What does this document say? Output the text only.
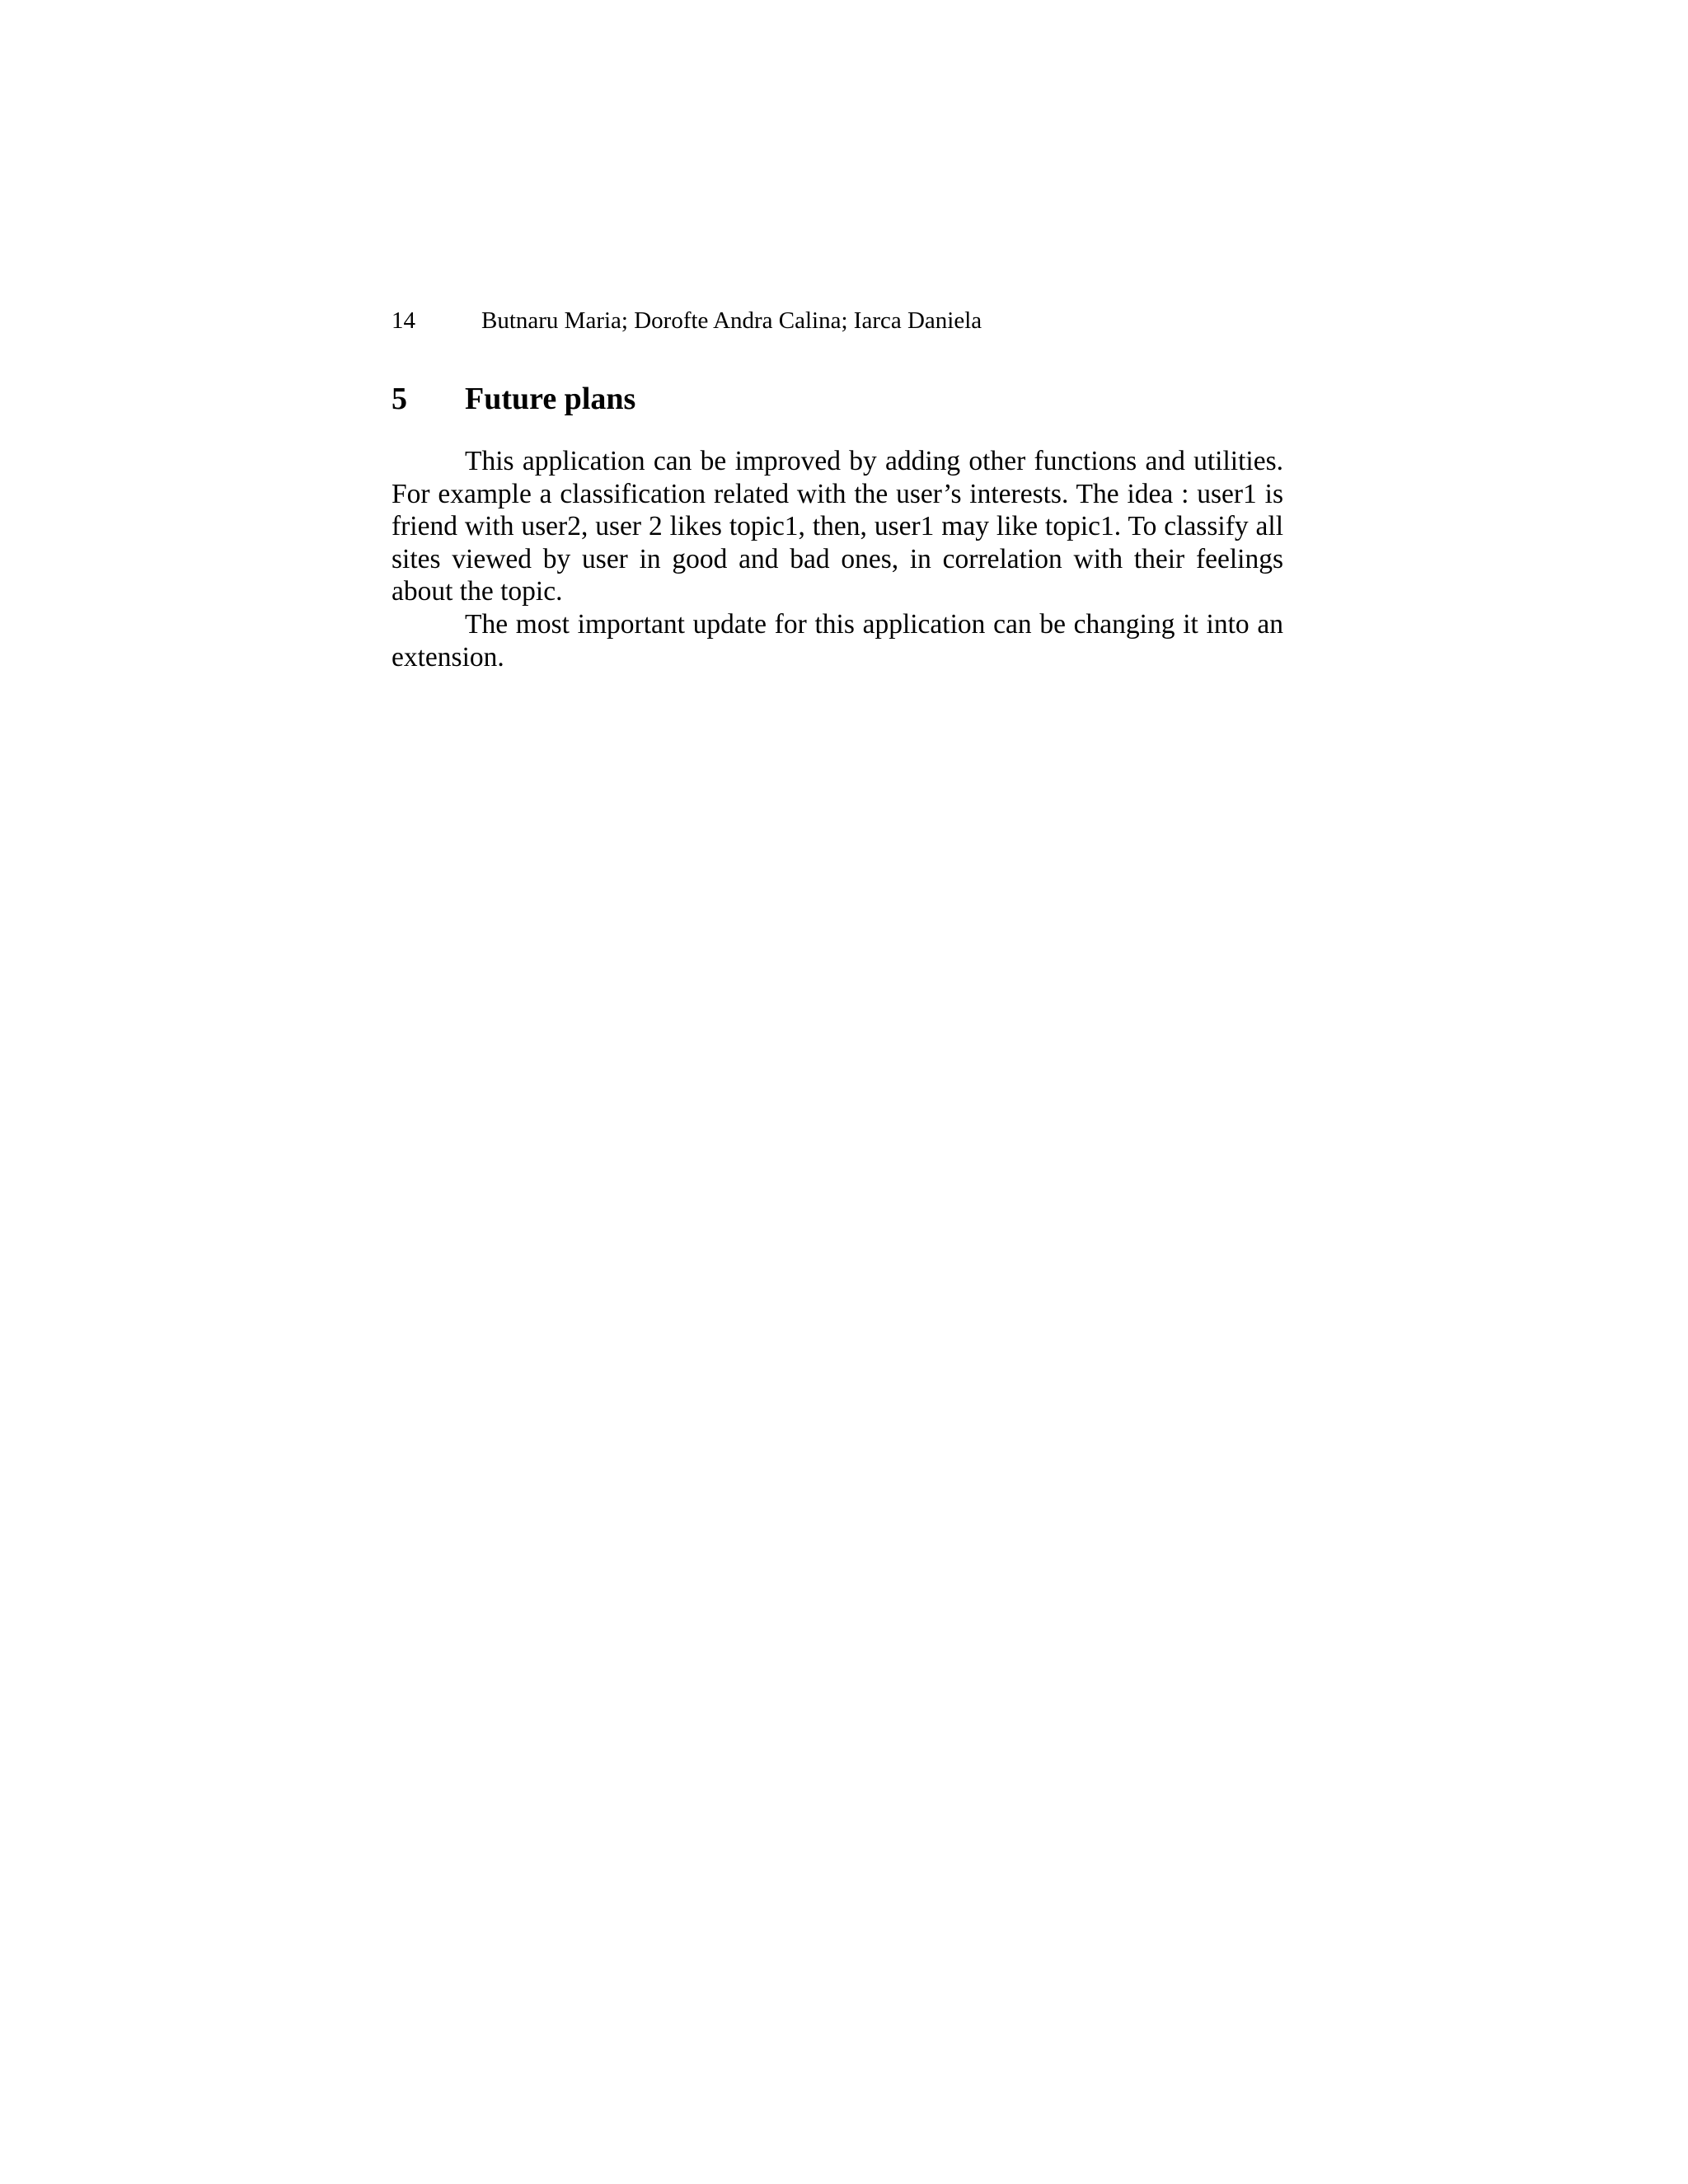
14	Butnaru Maria; Dorofte Andra Calina; Iarca Daniela
5 Future plans

This application can be improved by adding other functions and utilities. For example a classification related with the user’s interests. The idea : user1 is friend with user2, user 2 likes topic1, then, user1 may like topic1. To classify all sites viewed by user in good and bad ones, in correlation with their feelings about the topic.

The most important update for this application can be changing it into an extension.
